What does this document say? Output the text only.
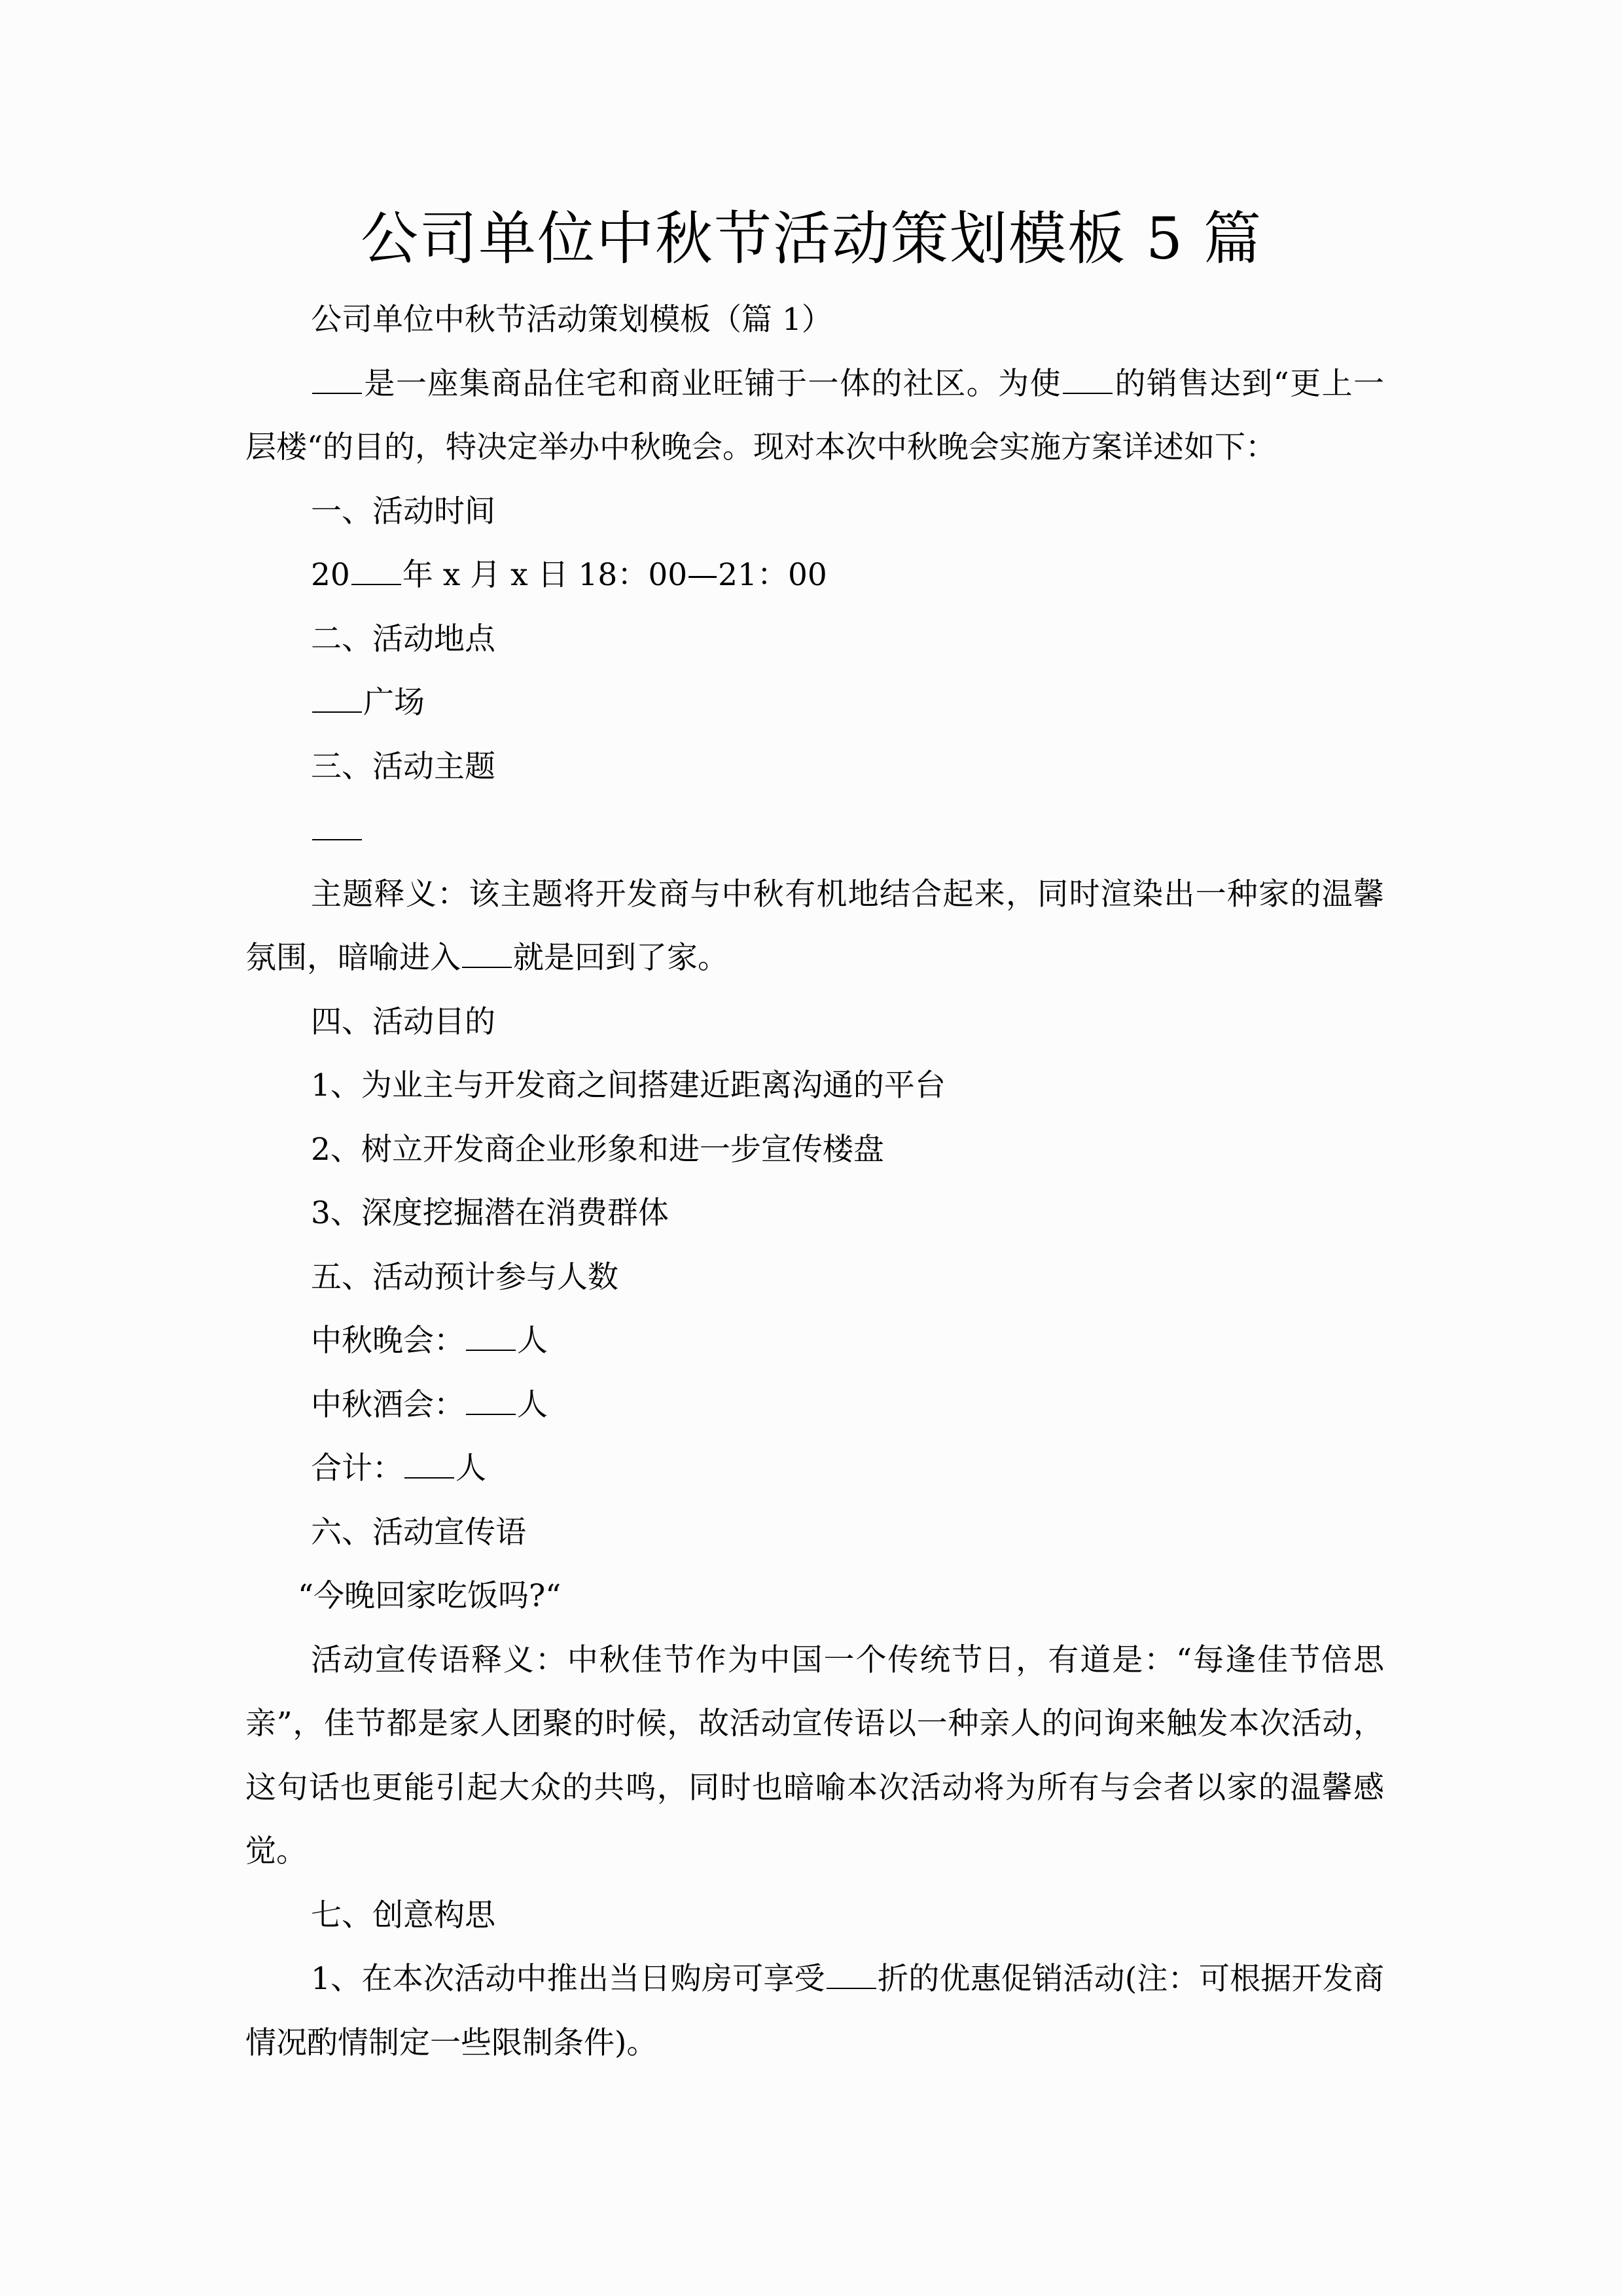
公司单位中秋节活动策划模板 5 篇

公司单位中秋节活动策划模板（篇 1）

是一座集商品住宅和商业旺铺于一体的社区。为使 的销售达到“更上一层楼“的目的，特决定举办中秋晚会。现对本次中秋晚会实施方案详述如下：

一、活动时间

20 年 x 月 x 日 18：00—21：00

二、活动地点

广场

三、活动主题

主题释义：该主题将开发商与中秋有机地结合起来，同时渲染出一种家的温馨氛围，暗喻进入 就是回到了家。

四、活动目的

1、为业主与开发商之间搭建近距离沟通的平台

2、树立开发商企业形象和进一步宣传楼盘

3、深度挖掘潜在消费群体

五、活动预计参与人数

中秋晚会： 人

中秋酒会： 人

合计： 人

六、活动宣传语

“今晚回家吃饭吗?“

活动宣传语释义：中秋佳节作为中国一个传统节日，有道是：“每逢佳节倍思亲”，佳节都是家人团聚的时候，故活动宣传语以一种亲人的问询来触发本次活动，这句话也更能引起大众的共鸣，同时也暗喻本次活动将为所有与会者以家的温馨感觉。

七、创意构思

1、在本次活动中推出当日购房可享受 折的优惠促销活动(注：可根据开发商情况酌情制定一些限制条件)。
